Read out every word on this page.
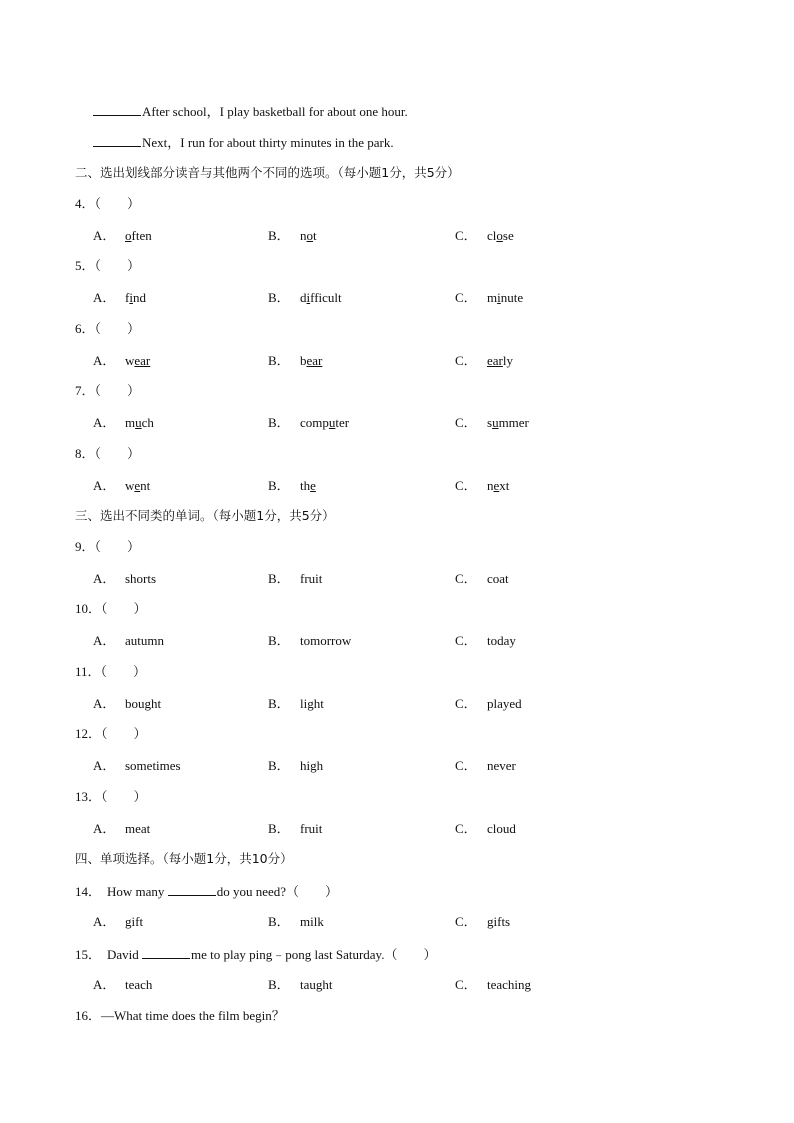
After school，I play basketball for about one hour.
Next，I run for about thirty minutes in the park.
二、选出划线部分读音与其他两个不同的选项。（每小题1分，共5分）
4．（　　）
A． often	B． not	C． close
5．（　　）
A． find	B． difficult	C． minute
6．（　　）
A． wear	B． bear	C． early
7．（　　）
A． much	B． computer	C． summer
8．（　　）
A． went	B． the	C． next
三、选出不同类的单词。（每小题1分，共5分）
9．（　　）
A． shorts	B． fruit	C． coat
10．（　　）
A． autumn	B． tomorrow	C． today
11．（　　）
A． bought	B． light	C． played
12．（　　）
A． sometimes	B． high	C． never
13．（　　）
A． meat	B． fruit	C． cloud
四、单项选择。（每小题1分，共10分）
14． How many	do you need?（　　）
A． gift	B． milk	C． gifts
15． David	me to play ping﹣pong last Saturday.（　　）
A． teach	B． taught	C． teaching
16．—What time does the film begin？
